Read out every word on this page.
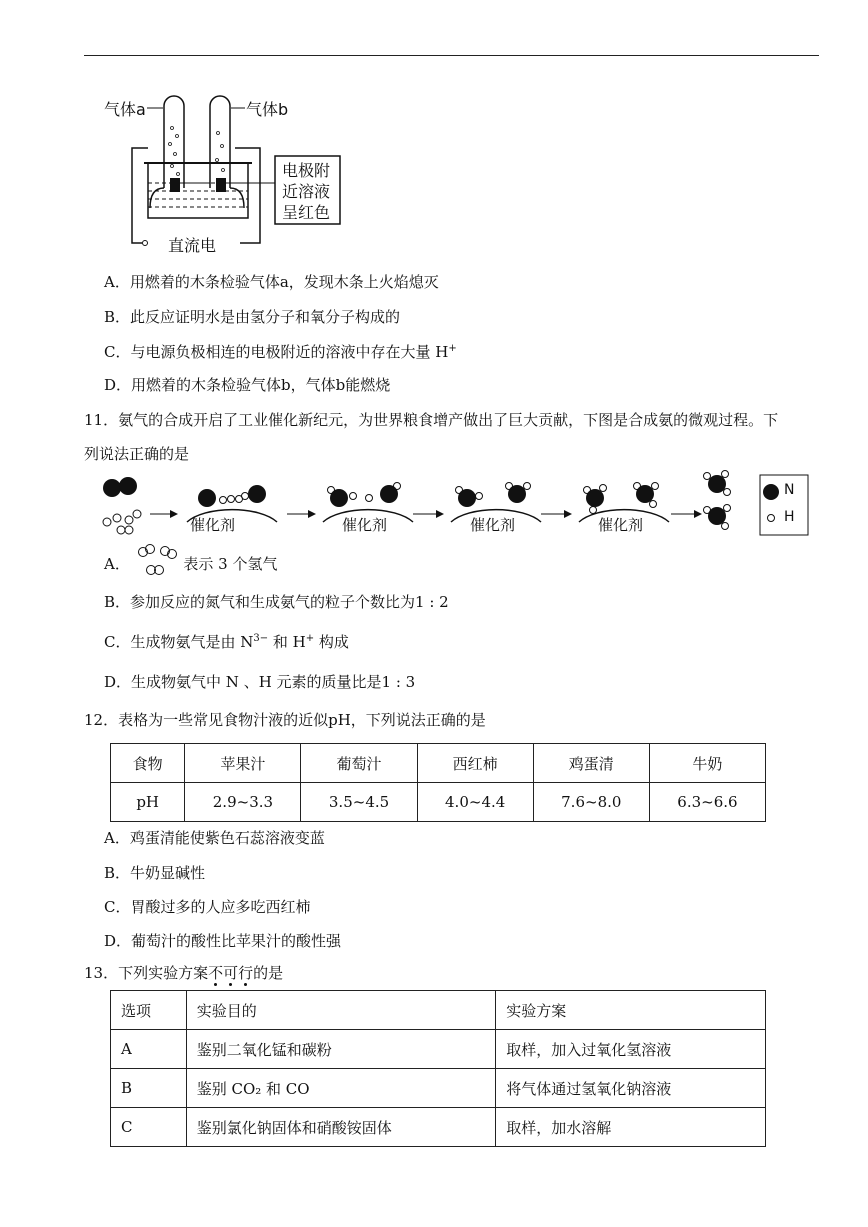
气体a	气体b
电极附
近溶液
呈红色
直流电
A．用燃着的木条检验气体a，发现木条上火焰熄灭
B．此反应证明水是由氢分子和氧分子构成的
C．与电源负极相连的电极附近的溶液中存在大量 H+
D．用燃着的木条检验气体b，气体b能燃烧
11．氨气的合成开启了工业催化新纪元，为世界粮食增产做出了巨大贡献，下图是合成氨的微观过程。下
列说法正确的是
催化剂	催化剂	催化剂	催化剂
N
H
A．	表示 3 个氢气
B．参加反应的氮气和生成氨气的粒子个数比为1 : 2
C．生成物氨气是由 $N^{3-}$ 和 H+ 构成
D．生成物氨气中 N 、H 元素的质量比是1 : 3
12．表格为一些常见食物汁液的近似pH，下列说法正确的是
食物	苹果汁	葡萄汁	西红柿	鸡蛋清	牛奶
pH	2.9~3.3	3.5~4.5	4.0~4.4	7.6~8.0	6.3~6.6
A．鸡蛋清能使紫色石蕊溶液变蓝
B．牛奶显碱性
C．胃酸过多的人应多吃西红柿
D．葡萄汁的酸性比苹果汁的酸性强
13．下列实验方案不可行的是
选项	实验目的	实验方案
A	鉴别二氧化锰和碳粉	取样，加入过氧化氢溶液
B	鉴别 CO₂ 和 CO	将气体通过氢氧化钠溶液
C	鉴别氯化钠固体和硝酸铵固体	取样，加水溶解
